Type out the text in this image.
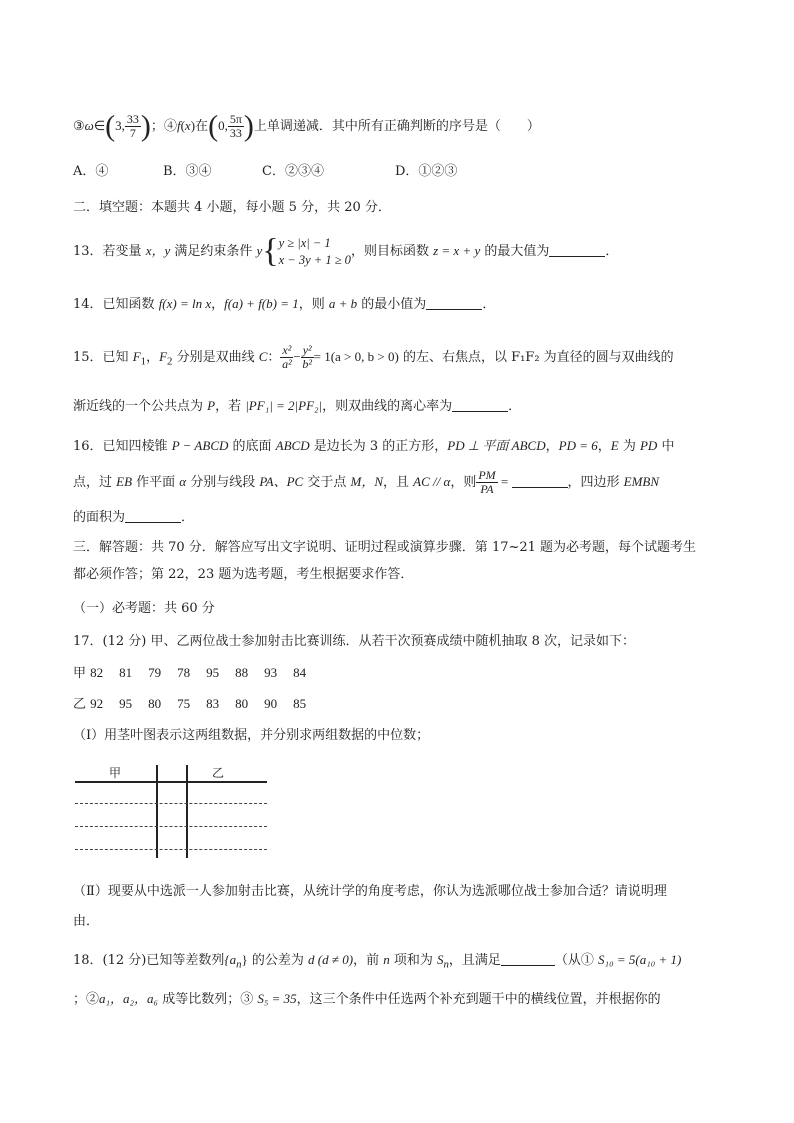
③ω∈(3, $\frac{33}{7}$ )；④f(x)在(0, $\frac{5\pi}{33}$ )上单调递减．其中所有正确判断的序号是（　　）
A．④	B．③④	C．②③④	D．①②③
二．填空题：本题共 4 小题，每小题 5 分，共 20 分．
13．若变量 x，y 满足约束条件 y{ y ≥ |x| − 1
x − 3y + 1 ≥ 0
，则目标函数 z = x + y 的最大值为	．
14．已知函数 f(x) = ln x，f(a) + f(b) = 1，则 a + b 的最小值为	．
15．已知 $F_1$，$F_2$ 分别是双曲线 C： $\frac{\text{x²}}{\text{a²}} - \frac{\text{y²}}{\text{b²}} = 1(a > 0$, b > 0) 的左、右焦点，以 F₁F₂ 为直径的圆与双曲线的
渐近线的一个公共点为 P，若 |PF₁| = 2|PF₂|，则双曲线的离心率为	．
16．已知四棱锥 P − ABCD 的底面 ABCD 是边长为 3 的正方形，PD ⊥ 平面 ABCD，PD = 6，E 为 PD 中
点，过 EB 作平面 α 分别与线段 PA、PC 交于点 M，N，且 AC // α，则 $\frac{PM}{PA}$ =	，四边形 EMBN
的面积为	．
三．解答题：共 70 分．解答应写出文字说明、证明过程或演算步骤．第 17~21 题为必考题，每个试题考生
都必须作答；第 22，23 题为选考题，考生根据要求作答．
（一）必考题：共 60 分
17．(12 分) 甲、乙两位战士参加射击比赛训练．从若干次预赛成绩中随机抽取 8 次，记录如下：
甲 82 81 79 78 95 88 93 84
乙 92 95 80 75 83 80 90 85
（Ⅰ）用茎叶图表示这两组数据，并分别求两组数据的中位数；
甲	乙
（Ⅱ）现要从中选派一人参加射击比赛，从统计学的角度考虑，你认为选派哪位战士参加合适？请说明理
由．
18．(12 分)已知等差数列$\{a_n\}$ 的公差为 d (d ≠ 0)，前 n 项和为 $S_n$，且满足	（从① S₁₀ = 5(a₁₀ + 1)
；②a₁，a₂，a₆ 成等比数列；③ S₅ = 35，这三个条件中任选两个补充到题干中的横线位置，并根据你的
